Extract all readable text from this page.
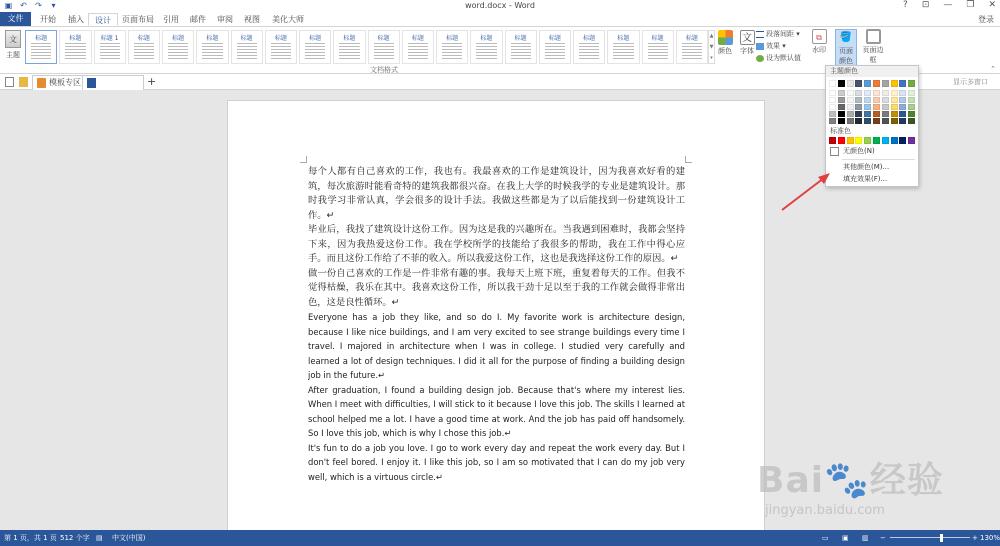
▣ ↶ ↷	▾	word.docx - Word	? ⊡ — ❐ ✕
文件	开始	插入	设计	页面布局	引用	邮件	审阅	视图	美化大师	登录
文
主题
标题	标题	标题 1	标题	标题	标题	标题	标题	标题	标题	标题	标题	标题	标题	标题	标题	标题	标题	标题	标题	▲
▼
▾
文档格式
颜色
文
字体
段落间距 ▾
效果 ▾
设为默认值
⧉
水印
🪣
页面颜色
页面边框
⌃
模板专区	+	显示多窗口

每个人都有自己喜欢的工作，我也有。我最喜欢的工作是建筑设计，因为我喜欢好看的建筑，每次旅游时能看奇特的建筑我都很兴奋。在我上大学的时候我学的专业是建筑设计。那时我学习非常认真，学会很多的设计手法。我做这些都是为了以后能找到一份建筑设计工作。↵

毕业后，我找了建筑设计这份工作。因为这是我的兴趣所在。当我遇到困难时，我都会坚持下来，因为我热爱这份工作。我在学校所学的技能给了我很多的帮助，我在工作中得心应手。而且这份工作给了不菲的收入。所以我爱这份工作，这也是我选择这份工作的原因。↵

做一份自己喜欢的工作是一件非常有趣的事。我每天上班下班，重复着每天的工作。但我不觉得枯燥，我乐在其中。我喜欢这份工作，所以我干劲十足以至于我的工作就会做得非常出色，这是良性循环。↵

Everyone has a job they like, and so do I. My favorite work is architecture design, because I like nice buildings, and I am very excited to see strange buildings every time I travel. I majored in architecture when I was in college. I studied very carefully and learned a lot of design techniques. I did it all for the purpose of finding a building design job in the future.↵

After graduation, I found a building design job. Because that's where my interest lies. When I meet with difficulties, I will stick to it because I love this job. The skills I learned at school helped me a lot. I have a good time at work. And the job has paid off handsomely. So I love this job, which is why I chose this job.↵

It's fun to do a job you love. I go to work every day and repeat the work every day. But I don't feel bored. I enjoy it. I like this job, so I am so motivated that I can do my job very well, which is a virtuous circle.↵

主题颜色
标准色
无颜色(N)
其他颜色(M)...
填充效果(F)...
第 1 页，共 1 页 512 个字 ▤ 中文(中国)	▭ ▣ ▥ −	+ 130%
Bai🐾经验
jingyan.baidu.com
